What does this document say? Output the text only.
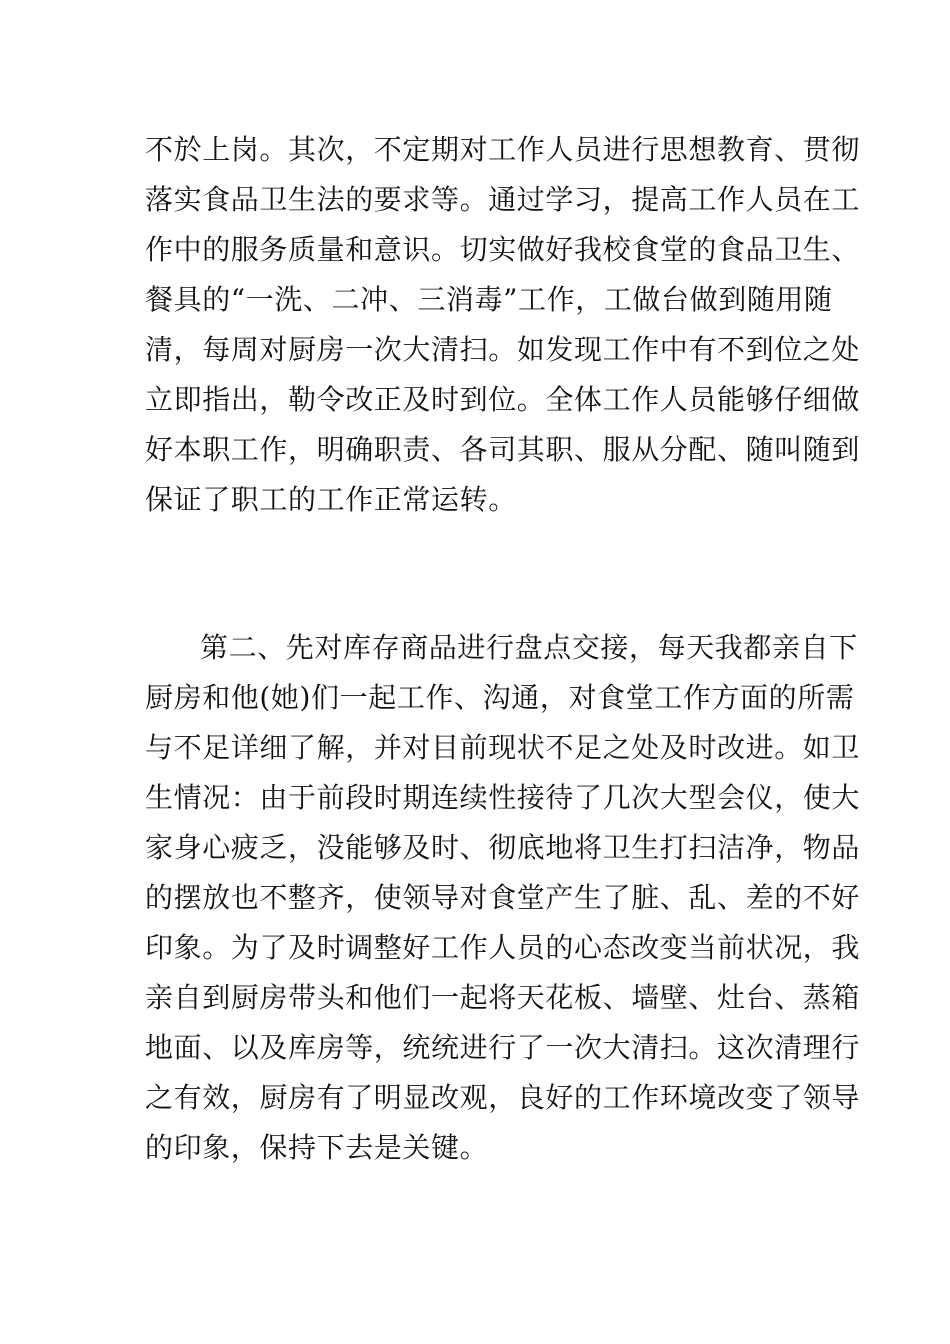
不於上岗。其次，不定期对工作人员进行思想教育、贯彻
落实食品卫生法的要求等。通过学习，提高工作人员在工
作中的服务质量和意识。切实做好我校食堂的食品卫生、
餐具的“一洗、二冲、三消毒”工作，工做台做到随用随
清，每周对厨房一次大清扫。如发现工作中有不到位之处
立即指出，勒令改正及时到位。全体工作人员能够仔细做
好本职工作，明确职责、各司其职、服从分配、随叫随到
保证了职工的工作正常运转。
第二、先对库存商品进行盘点交接，每天我都亲自下
厨房和他(她)们一起工作、沟通，对食堂工作方面的所需
与不足详细了解，并对目前现状不足之处及时改进。如卫
生情况：由于前段时期连续性接待了几次大型会仪，使大
家身心疲乏，没能够及时、彻底地将卫生打扫洁净，物品
的摆放也不整齐，使领导对食堂产生了脏、乱、差的不好
印象。为了及时调整好工作人员的心态改变当前状况，我
亲自到厨房带头和他们一起将天花板、墙壁、灶台、蒸箱
地面、以及库房等，统统进行了一次大清扫。这次清理行
之有效，厨房有了明显改观，良好的工作环境改变了领导
的印象，保持下去是关键。
